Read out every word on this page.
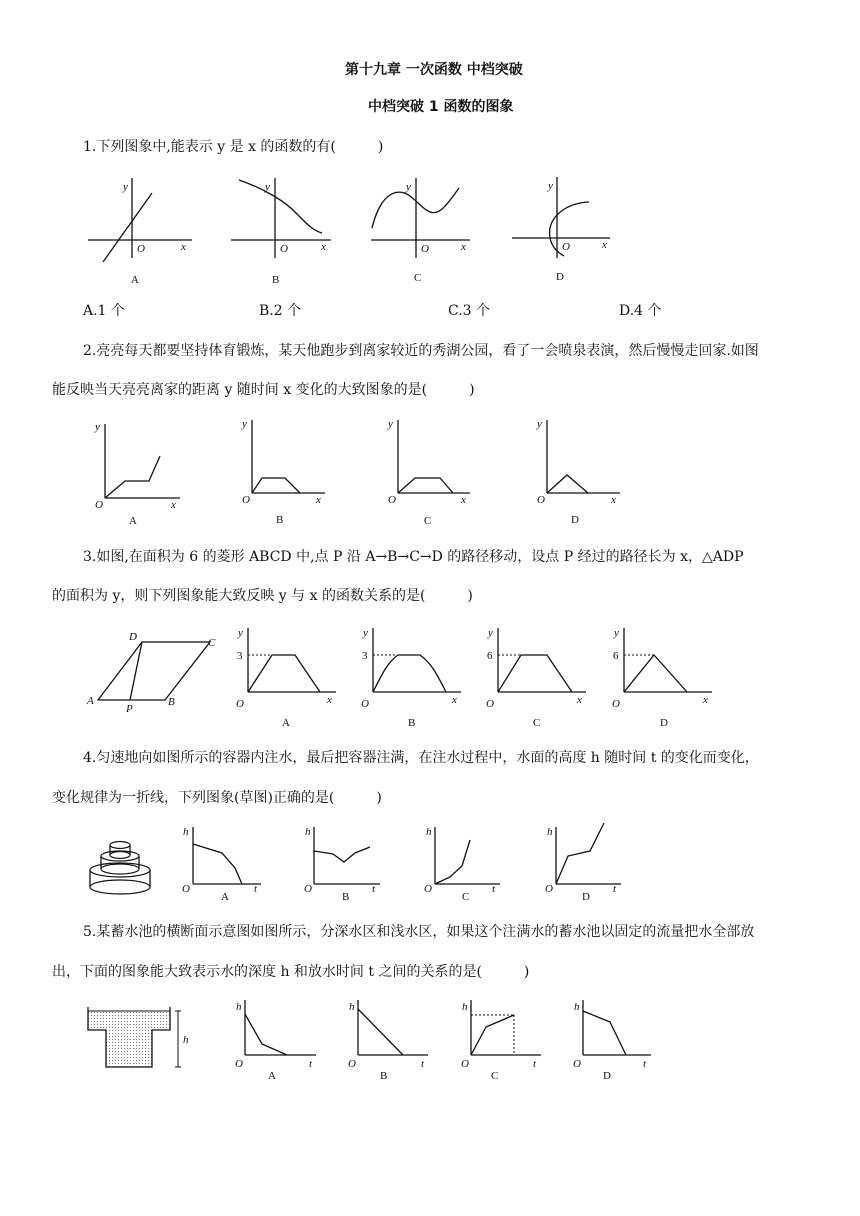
第十九章 一次函数 中档突破
中档突破 1 函数的图象
1.下列图象中,能表示 y 是 x 的函数的有(　　　)
y
x
O
A
y
x
O
B
y
x
O
C
y
x
O
D
y
x
O
A
y
x
O
B
y
x
O
C
y
x
O
D
D	C
A
P
B
y
x
O
3
A
y
x
O
3
B
y
x
O
6
C
y
x
O
6
D
h
t
O
A
h
t
O
B
h
t
O
C
h
t
O
D
h
h
t
O
A
h
t
O
B
h
t
O
C
h
t
O
D
A.1 个	B.2 个	C.3 个	D.4 个
2.亮亮每天都要坚持体育锻炼，某天他跑步到离家较近的秀湖公园，看了一会喷泉表演，然后慢慢走回家.如图
能反映当天亮亮离家的距离 y 随时间 x 变化的大致图象的是(　　　)
3.如图,在面积为 6 的菱形 ABCD 中,点 P 沿 A→B→C→D 的路径移动，设点 P 经过的路径长为 x，△ADP
的面积为 y，则下列图象能大致反映 y 与 x 的函数关系的是(　　　)
4.匀速地向如图所示的容器内注水，最后把容器注满，在注水过程中，水面的高度 h 随时间 t 的变化而变化，
变化规律为一折线，下列图象(草图)正确的是(　　　)
5.某蓄水池的横断面示意图如图所示，分深水区和浅水区，如果这个注满水的蓄水池以固定的流量把水全部放
出，下面的图象能大致表示水的深度 h 和放水时间 t 之间的关系的是(　　　)
